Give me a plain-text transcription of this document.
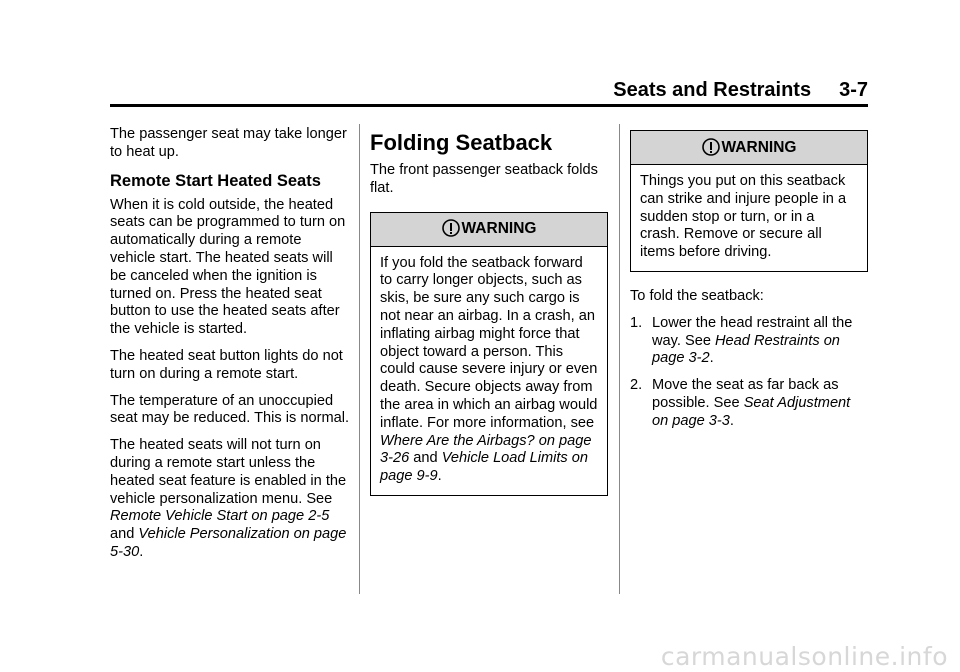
Seats and Restraints 3-7

The passenger seat may take longer to heat up.

Remote Start Heated Seats

When it is cold outside, the heated seats can be programmed to turn on automatically during a remote vehicle start. The heated seats will be canceled when the ignition is turned on. Press the heated seat button to use the heated seats after the vehicle is started.

The heated seat button lights do not turn on during a remote start.

The temperature of an unoccupied seat may be reduced. This is normal.

The heated seats will not turn on during a remote start unless the heated seat feature is enabled in the vehicle personalization menu. See Remote Vehicle Start on page 2-5 and Vehicle Personalization on page 5-30.

Folding Seatback

The front passenger seatback folds flat.

WARNING
If you fold the seatback forward to carry longer objects, such as skis, be sure any such cargo is not near an airbag. In a crash, an inflating airbag might force that object toward a person. This could cause severe injury or even death. Secure objects away from the area in which an airbag would inflate. For more information, see Where Are the Airbags? on page 3-26 and Vehicle Load Limits on page 9-9.
WARNING
Things you put on this seatback can strike and injure people in a sudden stop or turn, or in a crash. Remove or secure all items before driving.

To fold the seatback:

1. Lower the head restraint all the way. See Head Restraints on page 3-2.
2. Move the seat as far back as possible. See Seat Adjustment on page 3-3.
carmanualsonline.info
